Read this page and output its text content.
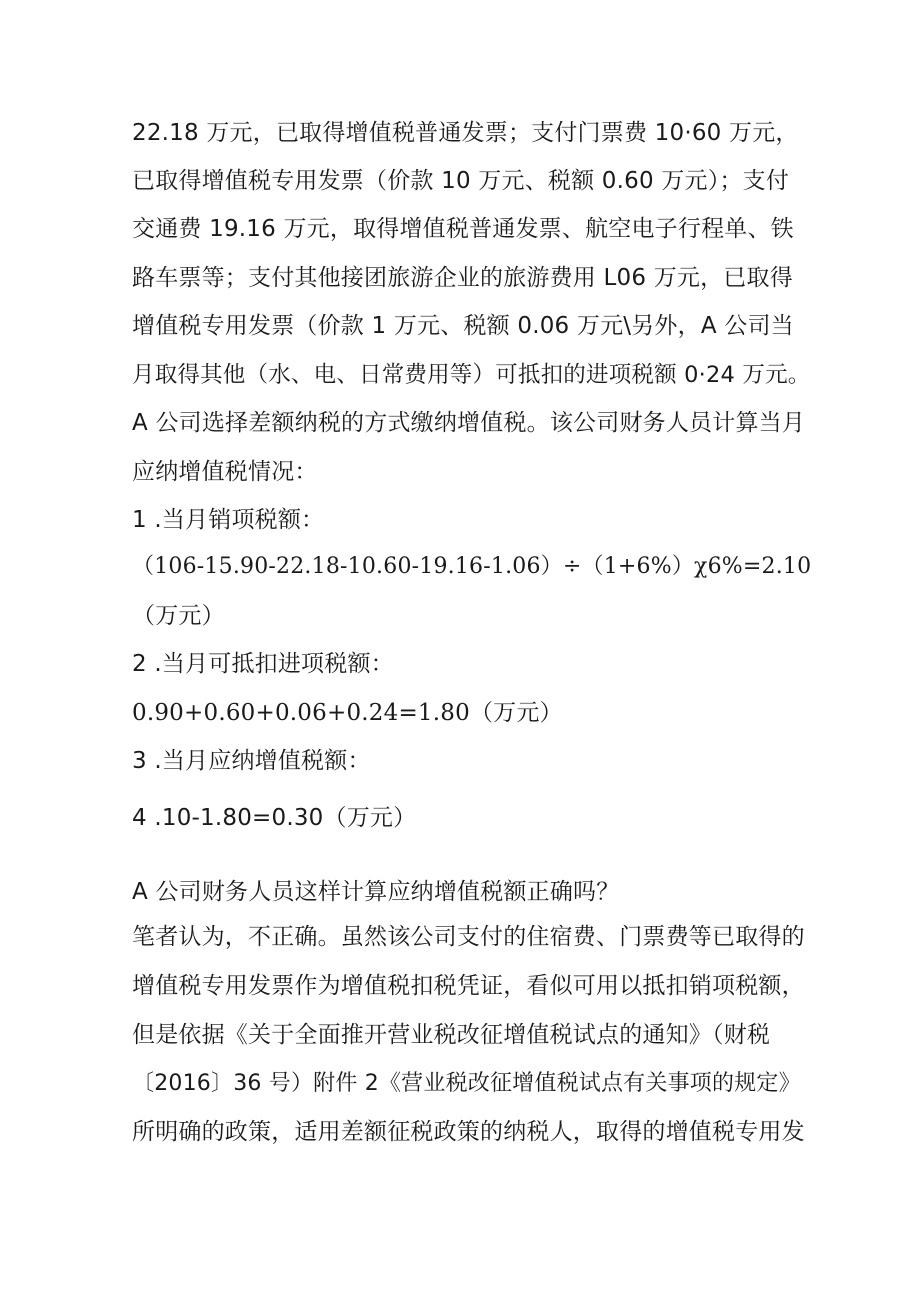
22.18 万元，已取得增值税普通发票；支付门票费 10·60 万元，
已取得增值税专用发票（价款 10 万元、税额 0.60 万元）；支付
交通费 19.16 万元，取得增值税普通发票、航空电子行程单、铁
路车票等；支付其他接团旅游企业的旅游费用 L06 万元，已取得
增值税专用发票（价款 1 万元、税额 0.06 万元\另外，A 公司当
月取得其他（水、电、日常费用等）可抵扣的进项税额 0·24 万元。
A 公司选择差额纳税的方式缴纳增值税。该公司财务人员计算当月
应纳增值税情况：
1 .当月销项税额：
（106-15.90-22.18-10.60-19.16-1.06）÷（1+6%）χ6%=2.10
（万元）
2 .当月可抵扣进项税额：
0.90+0.60+0.06+0.24=1.80（万元）
3 .当月应纳增值税额：
4 .10-1.80=0.30（万元）
A 公司财务人员这样计算应纳增值税额正确吗？
笔者认为，不正确。虽然该公司支付的住宿费、门票费等已取得的
增值税专用发票作为增值税扣税凭证，看似可用以抵扣销项税额，
但是依据《关于全面推开营业税改征增值税试点的通知》（财税
〔2016〕36 号）附件 2《营业税改征增值税试点有关事项的规定》
所明确的政策，适用差额征税政策的纳税人，取得的增值税专用发
